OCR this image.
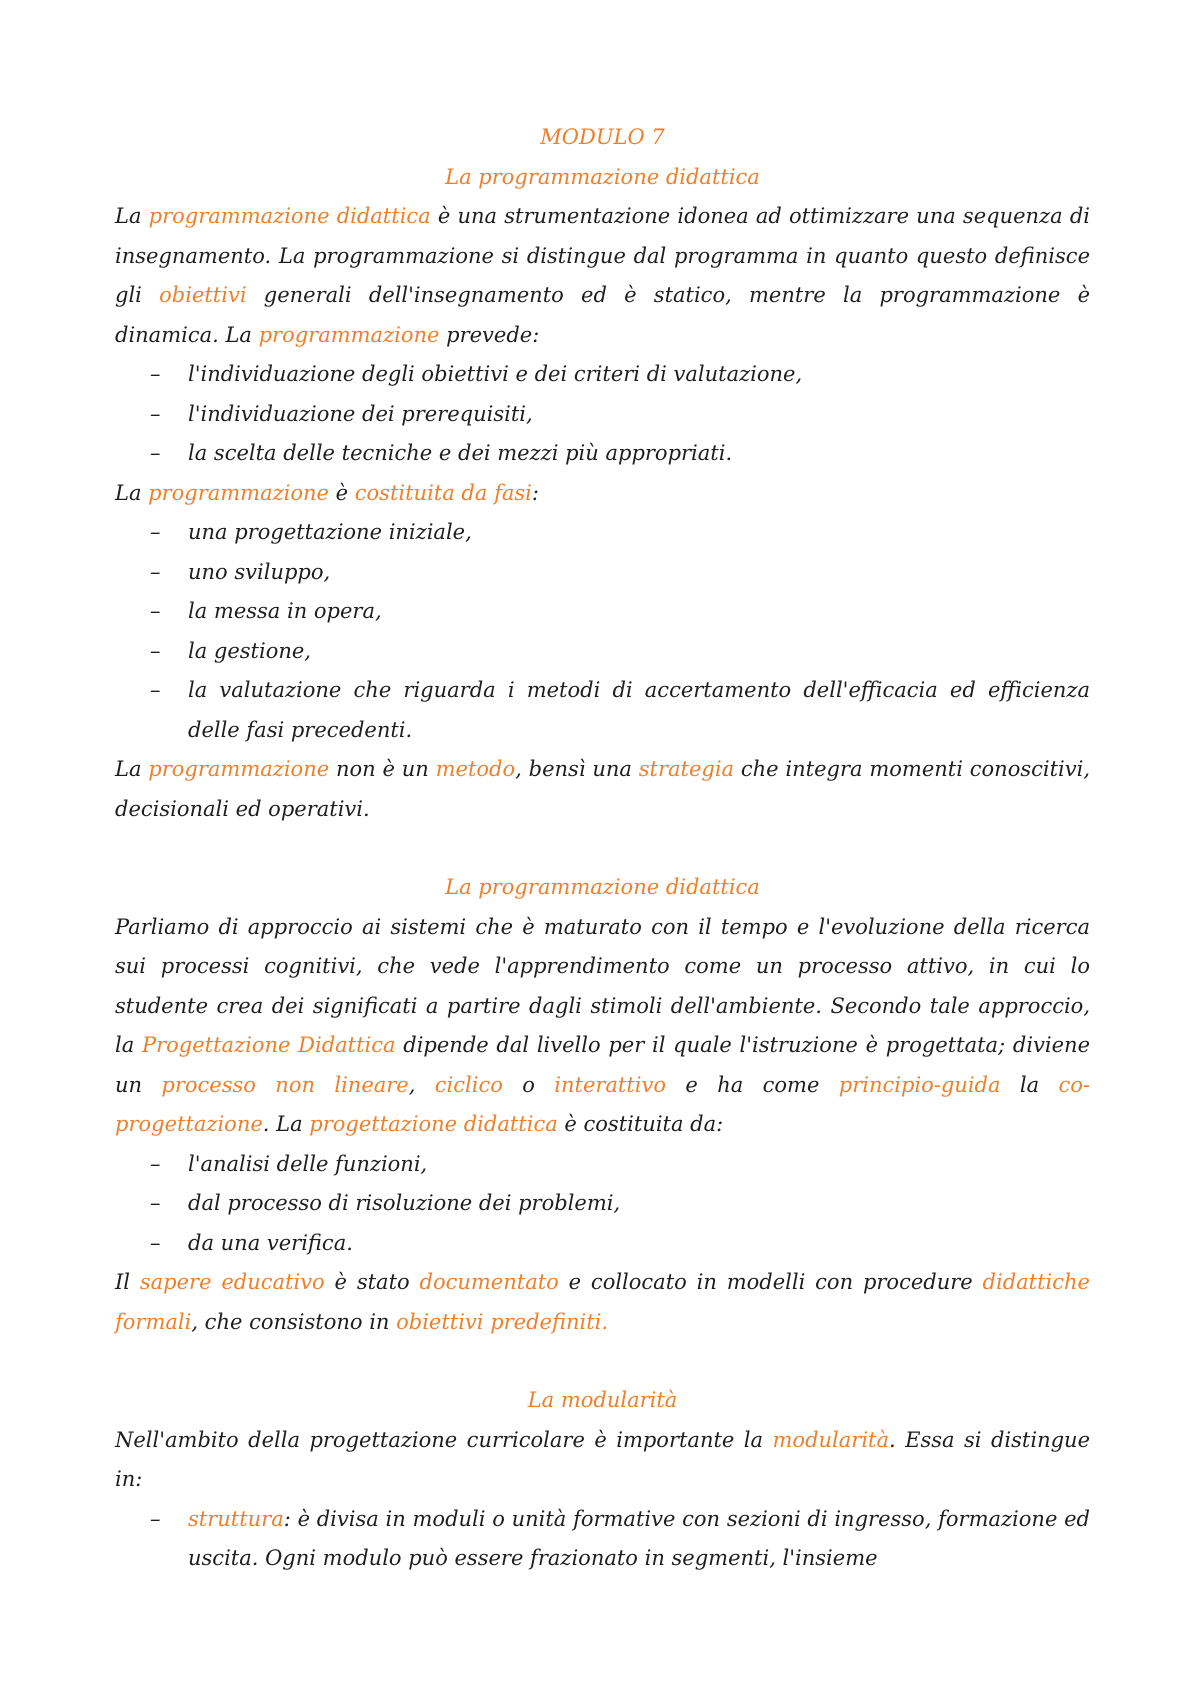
MODULO 7
La programmazione didattica

La programmazione didattica è una strumentazione idonea ad ottimizzare una sequenza di insegnamento. La programmazione si distingue dal programma in quanto questo definisce gli obiettivi generali dell'insegnamento ed è statico, mentre la programmazione è dinamica. La programmazione prevede:

– l'individuazione degli obiettivi e dei criteri di valutazione,
– l'individuazione dei prerequisiti,
– la scelta delle tecniche e dei mezzi più appropriati.

La programmazione è costituita da fasi:

– una progettazione iniziale,
– uno sviluppo,
– la messa in opera,
– la gestione,
– la valutazione che riguarda i metodi di accertamento dell'efficacia ed efficienza delle fasi precedenti.

La programmazione non è un metodo, bensì una strategia che integra momenti conoscitivi, decisionali ed operativi.

La programmazione didattica

Parliamo di approccio ai sistemi che è maturato con il tempo e l'evoluzione della ricerca sui processi cognitivi, che vede l'apprendimento come un processo attivo, in cui lo studente crea dei significati a partire dagli stimoli dell'ambiente. Secondo tale approccio, la Progettazione Didattica dipende dal livello per il quale l'istruzione è progettata; diviene un processo non lineare, ciclico o interattivo e ha come principio-guida la co-progettazione. La progettazione didattica è costituita da:

– l'analisi delle funzioni,
– dal processo di risoluzione dei problemi,
– da una verifica.

Il sapere educativo è stato documentato e collocato in modelli con procedure didattiche formali, che consistono in obiettivi predefiniti.

La modularità

Nell'ambito della progettazione curricolare è importante la modularità. Essa si distingue in:

– struttura: è divisa in moduli o unità formative con sezioni di ingresso, formazione ed uscita. Ogni modulo può essere frazionato in segmenti, l'insieme
